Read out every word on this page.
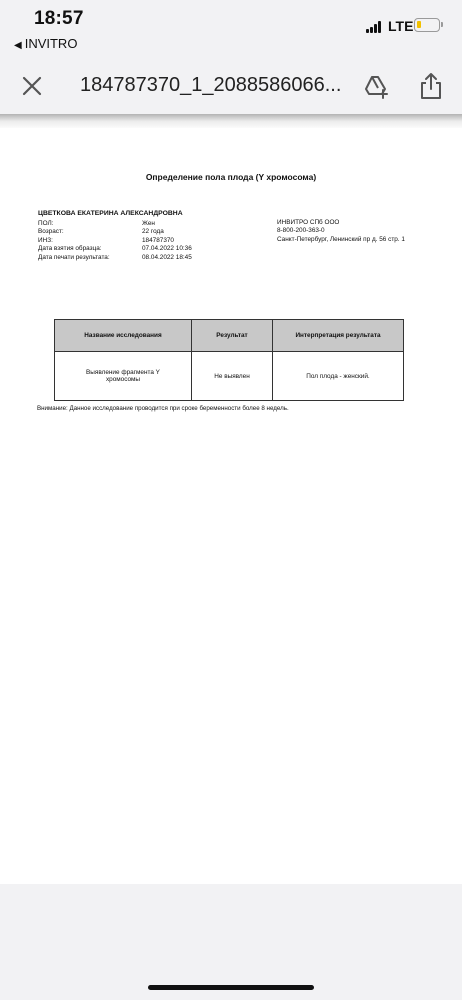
18:57
◀ INVITRO
LTE
184787370_1_2088586066...
Определение пола плода (Y хромосома)
ЦВЕТКОВА ЕКАТЕРИНА АЛЕКСАНДРОВНА
ПОЛ:	Жен
Возраст:	22 года
ИНЗ:	184787370
Дата взятия образца:	07.04.2022 10:36
Дата печати результата:	08.04.2022 18:45
ИНВИТРО СПб ООО
8-800-200-363-0
Санкт-Петербург, Ленинский пр д. 56 стр. 1
Название исследования	Результат	Интерпретация результата
Выявление фрагмента Y хромосомы	Не выявлен	Пол плода - женский.
Внимание: Данное исследование проводится при сроке беременности более 8 недель.
